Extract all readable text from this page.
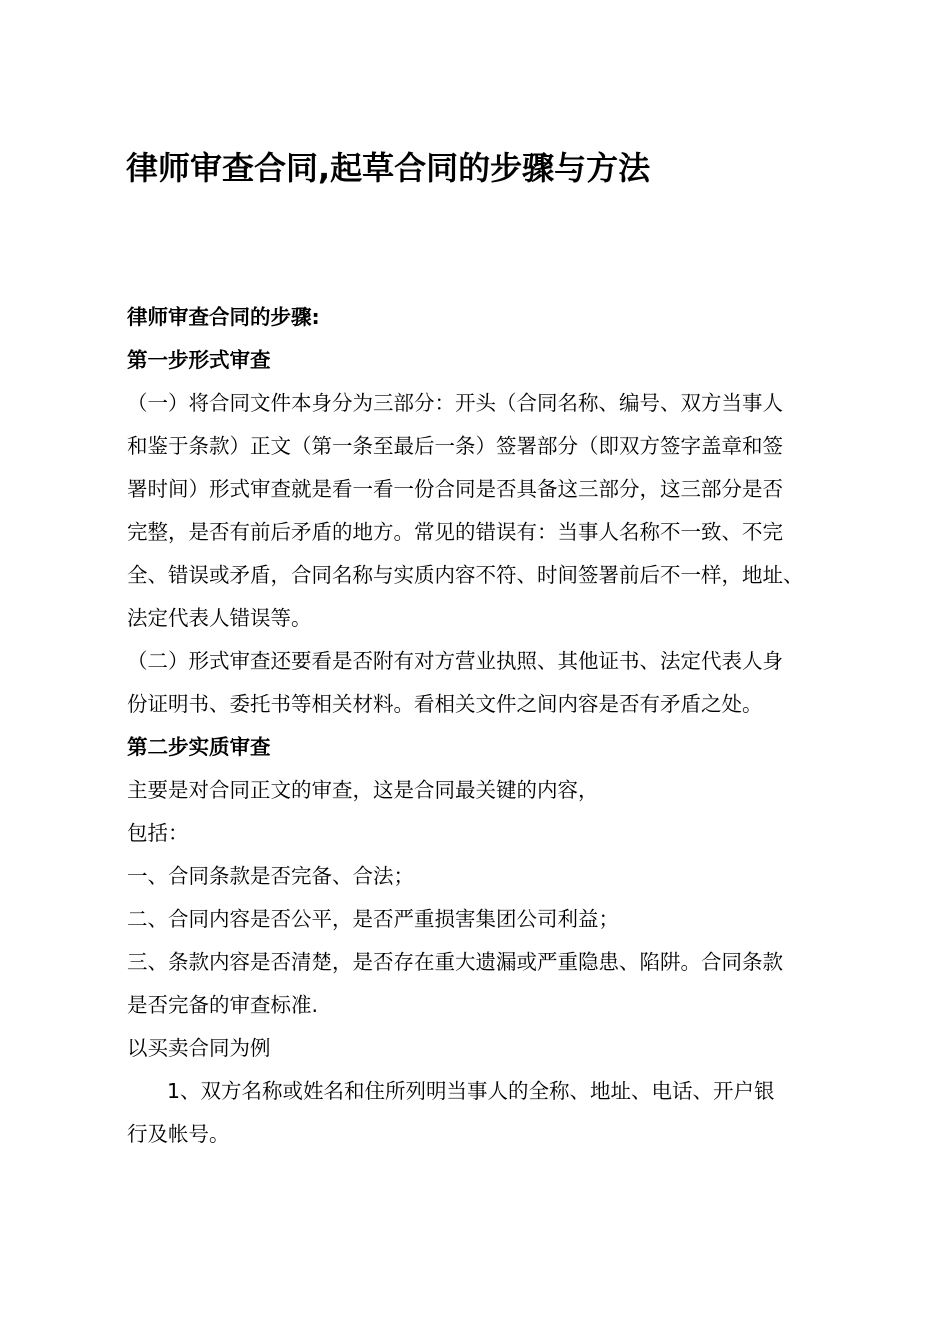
律师审查合同,起草合同的步骤与方法
律师审查合同的步骤:
第一步形式审查
（一）将合同文件本身分为三部分：开头（合同名称、编号、双方当事人
和鉴于条款）正文（第一条至最后一条）签署部分（即双方签字盖章和签
署时间）形式审查就是看一看一份合同是否具备这三部分，这三部分是否
完整，是否有前后矛盾的地方。常见的错误有：当事人名称不一致、不完
全、错误或矛盾，合同名称与实质内容不符、时间签署前后不一样，地址、
法定代表人错误等。
（二）形式审查还要看是否附有对方营业执照、其他证书、法定代表人身
份证明书、委托书等相关材料。看相关文件之间内容是否有矛盾之处。
第二步实质审查
主要是对合同正文的审查，这是合同最关键的内容，
包括：
一、合同条款是否完备、合法；
二、合同内容是否公平，是否严重损害集团公司利益；
三、条款内容是否清楚，是否存在重大遗漏或严重隐患、陷阱。合同条款
是否完备的审查标准.
以买卖合同为例
1、双方名称或姓名和住所列明当事人的全称、地址、电话、开户银
行及帐号。
